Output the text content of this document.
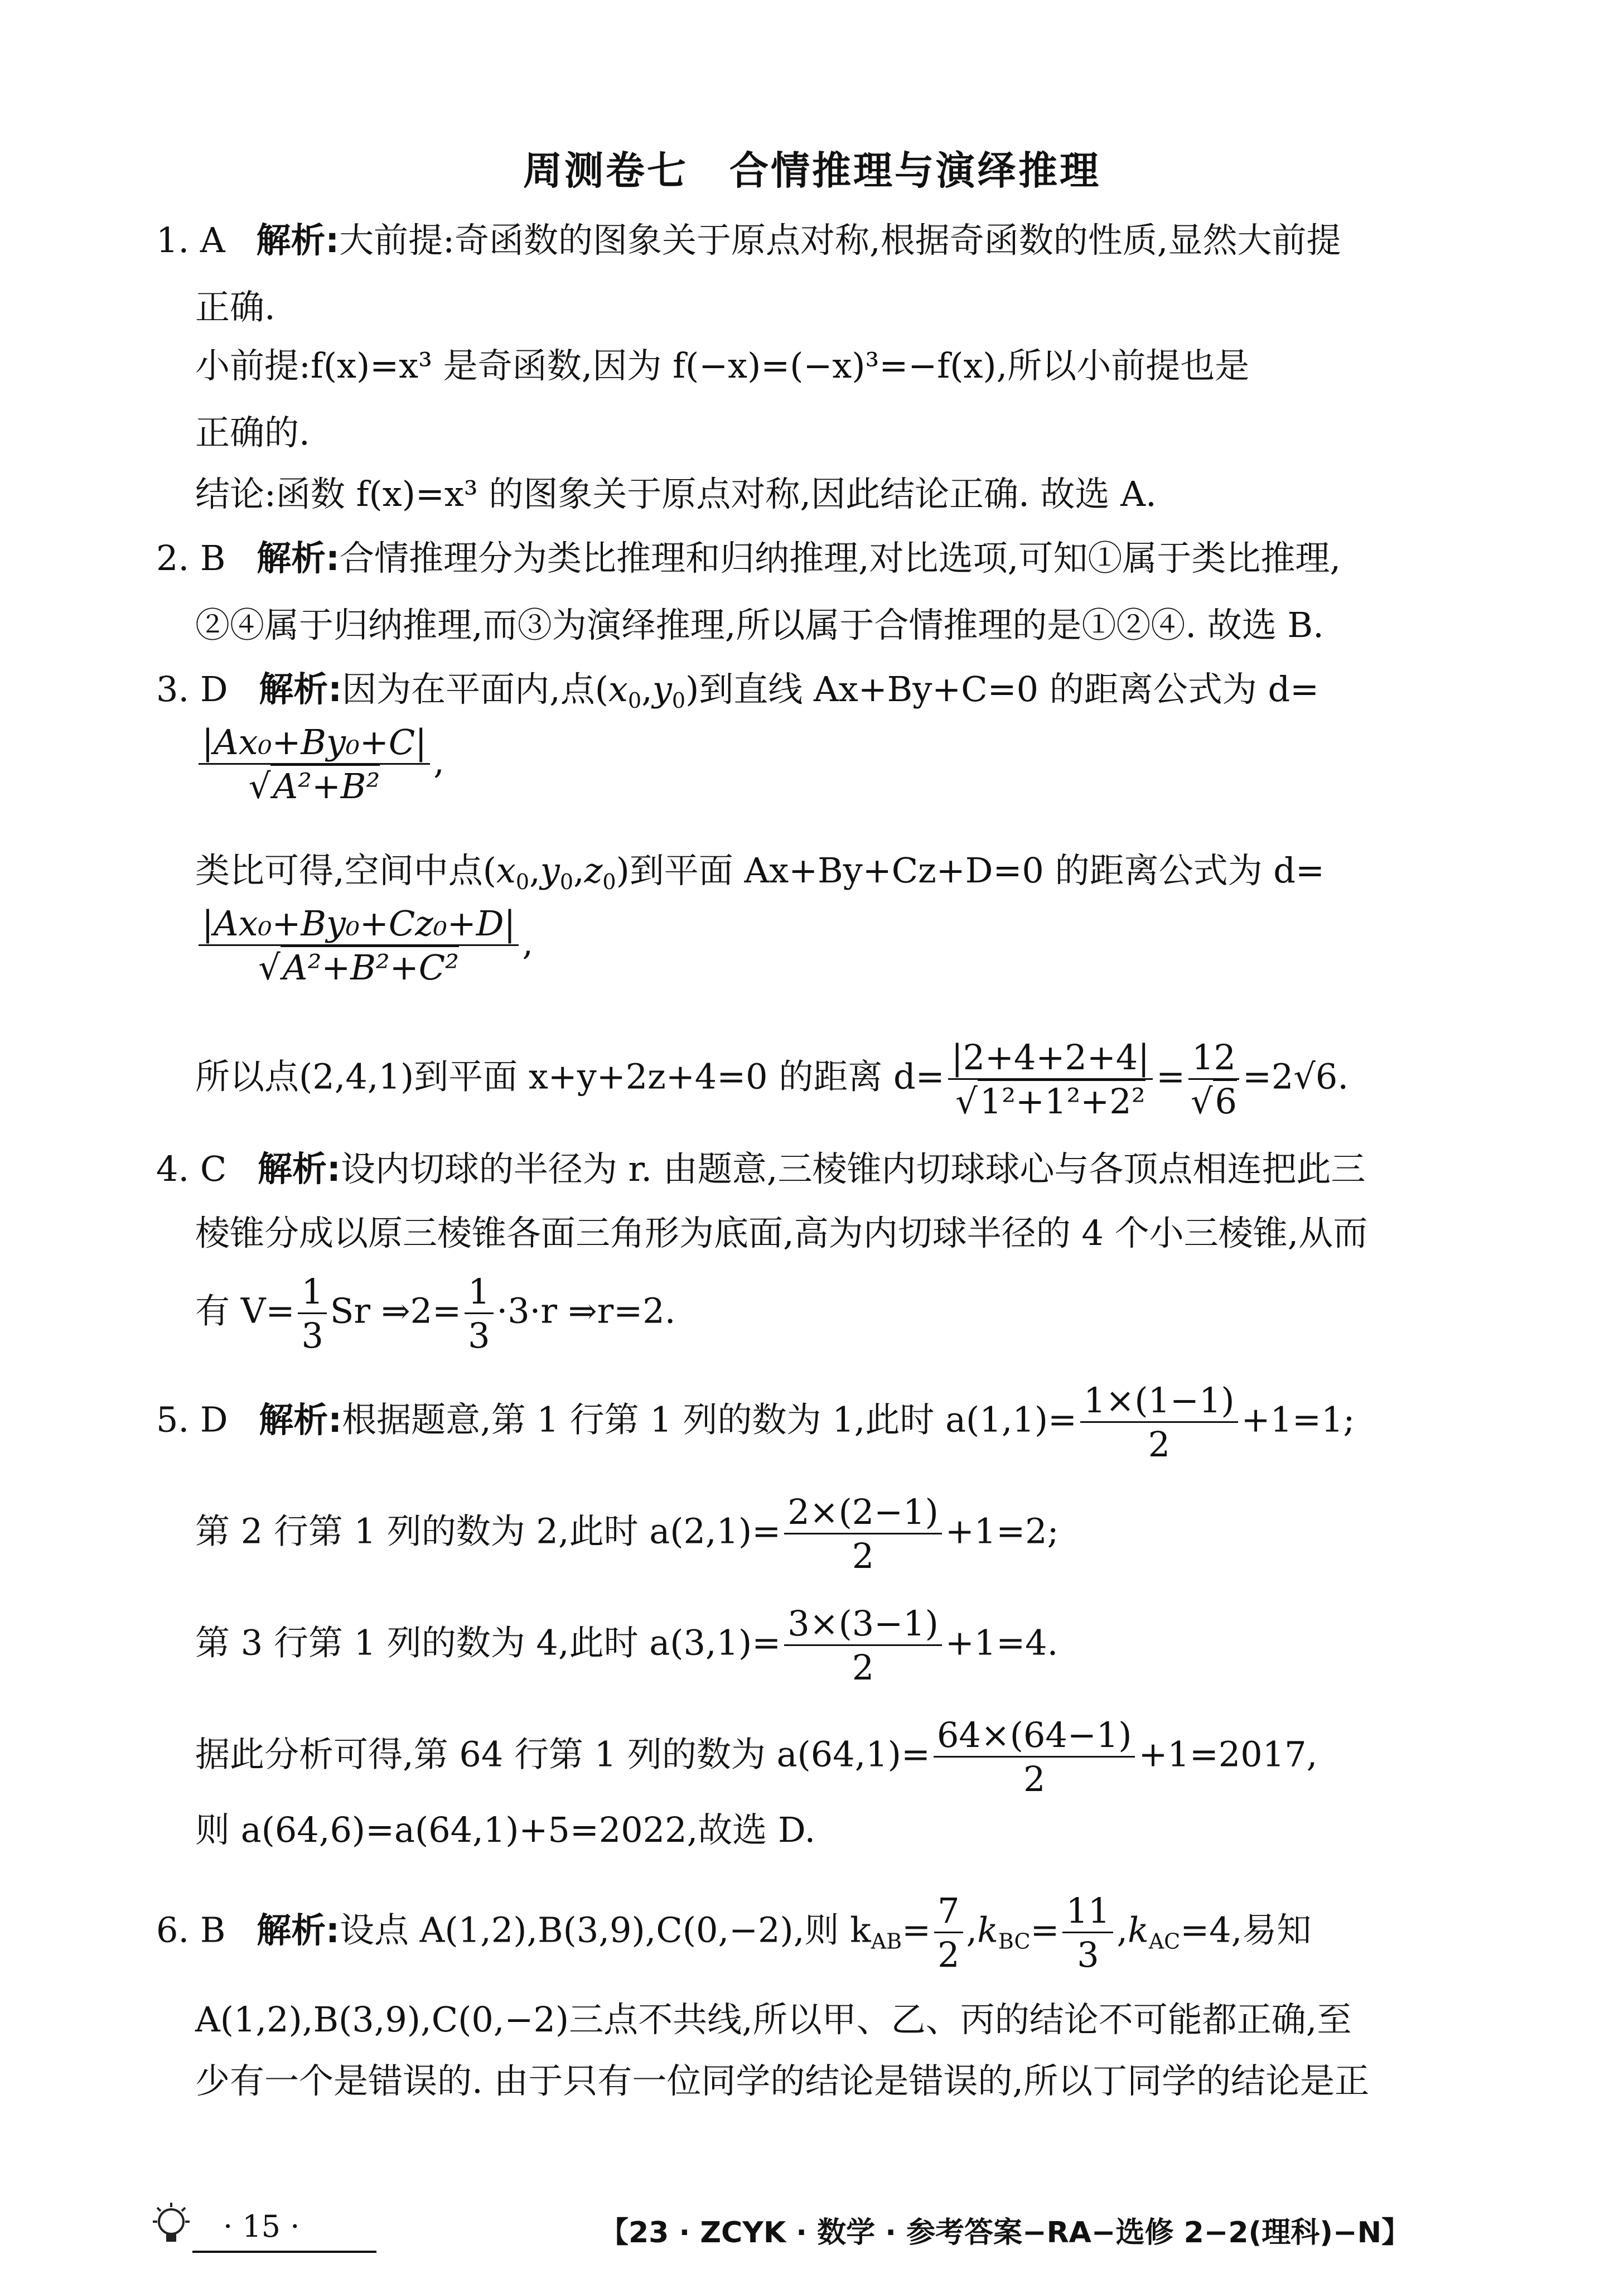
周测卷七　合情推理与演绎推理
1. A 解析:大前提:奇函数的图象关于原点对称,根据奇函数的性质,显然大前提
正确.
小前提:f(x)=x³ 是奇函数,因为 f(−x)=(−x)³=−f(x),所以小前提也是
正确的.
结论:函数 f(x)=x³ 的图象关于原点对称,因此结论正确. 故选 A.
2. B 解析:合情推理分为类比推理和归纳推理,对比选项,可知①属于类比推理,
②④属于归纳推理,而③为演绎推理,所以属于合情推理的是①②④. 故选 B.
3. D 解析:因为在平面内,点$(x_0,y_0)$到直线 Ax+By+C=0 的距离公式为 d=
$\frac{\text{|Ax₀+By₀+C|}}{\text{√A²+B²}}$ ,
类比可得,空间中点$(x_0,y_0,z_0)$到平面 Ax+By+Cz+D=0 的距离公式为 d=
$\frac{\text{|Ax₀+By₀+Cz₀+D|}}{\text{√A²+B²+C²}}$ ,
所以点(2,4,1)到平面 x+y+2z+4=0 的距离 $d= \frac{|2+4+2+4|}{\text{√1²+1²+2²}} = \frac{12}{√6} =2√6$.
4. C 解析:设内切球的半径为 r. 由题意,三棱锥内切球球心与各顶点相连把此三
棱锥分成以原三棱锥各面三角形为底面,高为内切球半径的 4 个小三棱锥,从而
有 $V= \frac{1}{3}$ Sr ⇒2= $\frac{1}{3} \cdot 3\cdot r$ ⇒r=2.
5. D 解析:根据题意,第 1 行第 1 列的数为 1,此时 $a(1,1)= \frac{1\times(1-1)}{2} +1=1$;
第 2 行第 1 列的数为 2,此时 $a(2,1)= \frac{2\times(2-1)}{2} +1=2$;
第 3 行第 1 列的数为 4,此时 $a(3,1)= \frac{3\times(3-1)}{2} +1=4$.
据此分析可得,第 64 行第 1 列的数为 $a(64,1)= \frac{64\times(64-1)}{2} +1=2017$,
则 a(64,6)=a(64,1)+5=2022,故选 D.
6. B 解析:设点 A(1,2),B(3,9),C(0,−2),则 $k_{AB}= \frac{7}{2} ,k_{BC}= \frac{11}{3} ,k_{AC}=4$,易知
A(1,2),B(3,9),C(0,−2)三点不共线,所以甲、乙、丙的结论不可能都正确,至
少有一个是错误的. 由于只有一位同学的结论是错误的,所以丁同学的结论是正
· 15 ·	【23 · ZCYK · 数学 · 参考答案−RA−选修 2−2(理科)−N】
